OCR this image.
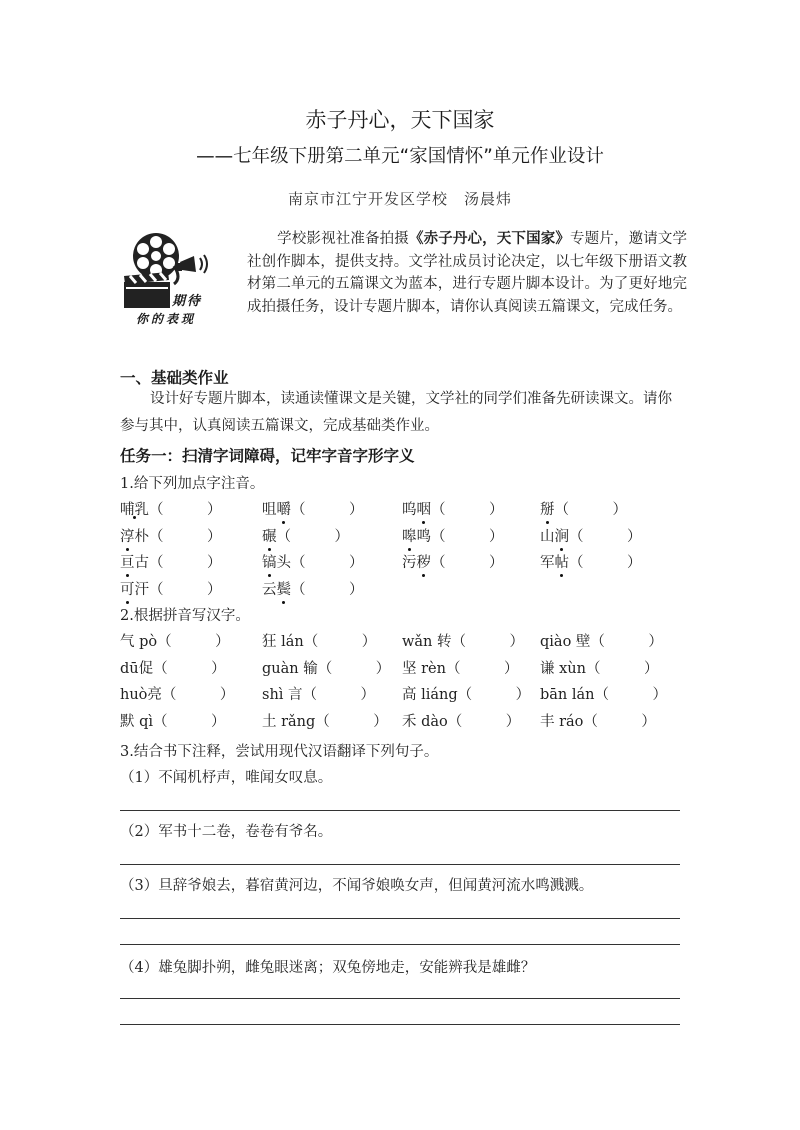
赤子丹心，天下国家
——七年级下册第二单元“家国情怀”单元作业设计
南京市江宁开发区学校　汤晨炜
期待
你的表现
学校影视社准备拍摄《赤子丹心，天下国家》专题片，邀请文学社创作脚本，提供支持。文学社成员讨论决定，以七年级下册语文教材第二单元的五篇课文为蓝本，进行专题片脚本设计。为了更好地完成拍摄任务，设计专题片脚本，请你认真阅读五篇课文，完成任务。
一、基础类作业
设计好专题片脚本，读通读懂课文是关键，文学社的同学们准备先研读课文。请你参与其中，认真阅读五篇课文，完成基础类作业。
任务一：扫清字词障碍，记牢字音字形字义
1.给下列加点字注音。
哺乳（　　　）	咀嚼（　　　）	呜咽（　　　）	掰（　　　）
淳朴（　　　）	碾（　　　）	嗥鸣（　　　）	山涧（　　　）
亘古（　　　）	镐头（　　　）	污秽（　　　）	军帖（　　　）
可汗（　　　）	云鬓（　　　）
2.根据拼音写汉字。
气 pò（　　　） 狂 lán（　　　） wǎn 转（　　　） qiào 壁（　　　）
dū促（　　　）	guàn 输（　　　） 坚 rèn（　　　） 谦 xùn（　　　）
huò亮（　　　） shì 言（　　　） 高 liáng（　　　） bān lán（　　　）
默 qì（　　　）	土 rǎng（　　　） 禾 dào（　　　） 丰 ráo（　　　）
3.结合书下注释，尝试用现代汉语翻译下列句子。
（1）不闻机杼声，唯闻女叹息。
（2）军书十二卷，卷卷有爷名。
（3）旦辞爷娘去，暮宿黄河边，不闻爷娘唤女声，但闻黄河流水鸣溅溅。
（4）雄兔脚扑朔，雌兔眼迷离；双兔傍地走，安能辨我是雄雌？
